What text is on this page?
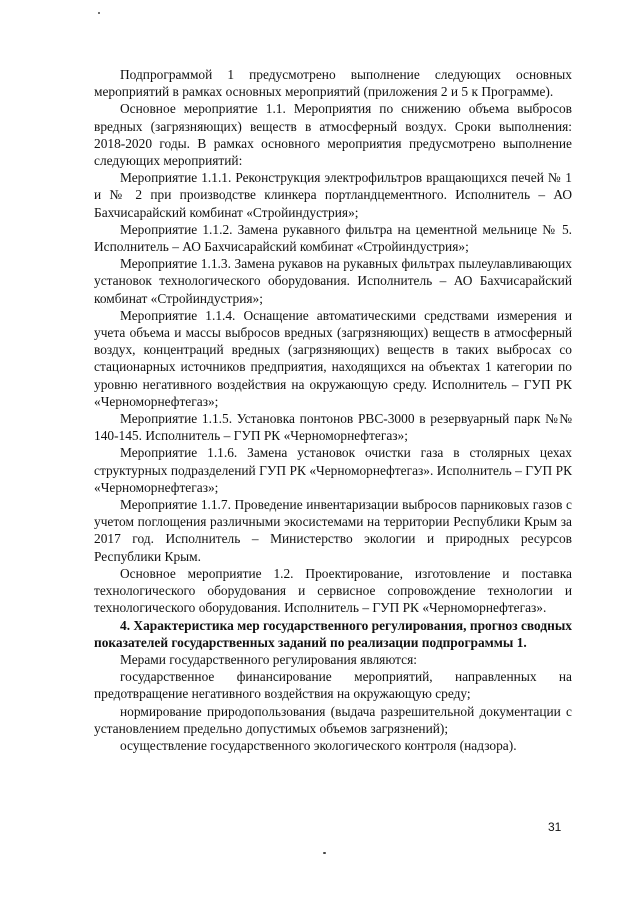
Подпрограммой 1 предусмотрено выполнение следующих основных мероприятий в рамках основных мероприятий (приложения 2 и 5 к Программе).

Основное мероприятие 1.1. Мероприятия по снижению объема выбросов вредных (загрязняющих) веществ в атмосферный воздух. Сроки выполнения: 2018-2020 годы. В рамках основного мероприятия предусмотрено выполнение следующих мероприятий:

Мероприятие 1.1.1. Реконструкция электрофильтров вращающихся печей № 1 и № 2 при производстве клинкера портландцементного. Исполнитель – АО Бахчисарайский комбинат «Стройиндустрия»;

Мероприятие 1.1.2. Замена рукавного фильтра на цементной мельнице № 5. Исполнитель – АО Бахчисарайский комбинат «Стройиндустрия»;

Мероприятие 1.1.3. Замена рукавов на рукавных фильтрах пылеулавливающих установок технологического оборудования. Исполнитель – АО Бахчисарайский комбинат «Стройиндустрия»;

Мероприятие 1.1.4. Оснащение автоматическими средствами измерения и учета объема и массы выбросов вредных (загрязняющих) веществ в атмосферный воздух, концентраций вредных (загрязняющих) веществ в таких выбросах со стационарных источников предприятия, находящихся на объектах 1 категории по уровню негативного воздействия на окружающую среду. Исполнитель – ГУП РК «Черноморнефтегаз»;

Мероприятие 1.1.5. Установка понтонов РВС-3000 в резервуарный парк №№ 140-145. Исполнитель – ГУП РК «Черноморнефтегаз»;

Мероприятие 1.1.6. Замена установок очистки газа в столярных цехах структурных подразделений ГУП РК «Черноморнефтегаз». Исполнитель – ГУП РК «Черноморнефтегаз»;

Мероприятие 1.1.7. Проведение инвентаризации выбросов парниковых газов с учетом поглощения различными экосистемами на территории Республики Крым за 2017 год. Исполнитель – Министерство экологии и природных ресурсов Республики Крым.

Основное мероприятие 1.2. Проектирование, изготовление и поставка технологического оборудования и сервисное сопровождение технологии и технологического оборудования. Исполнитель – ГУП РК «Черноморнефтегаз».

4. Характеристика мер государственного регулирования, прогноз сводных показателей государственных заданий по реализации подпрограммы 1.

Мерами государственного регулирования являются:

государственное финансирование мероприятий, направленных на предотвращение негативного воздействия на окружающую среду;

нормирование природопользования (выдача разрешительной документации с установлением предельно допустимых объемов загрязнений);

осуществление государственного экологического контроля (надзора).

31
